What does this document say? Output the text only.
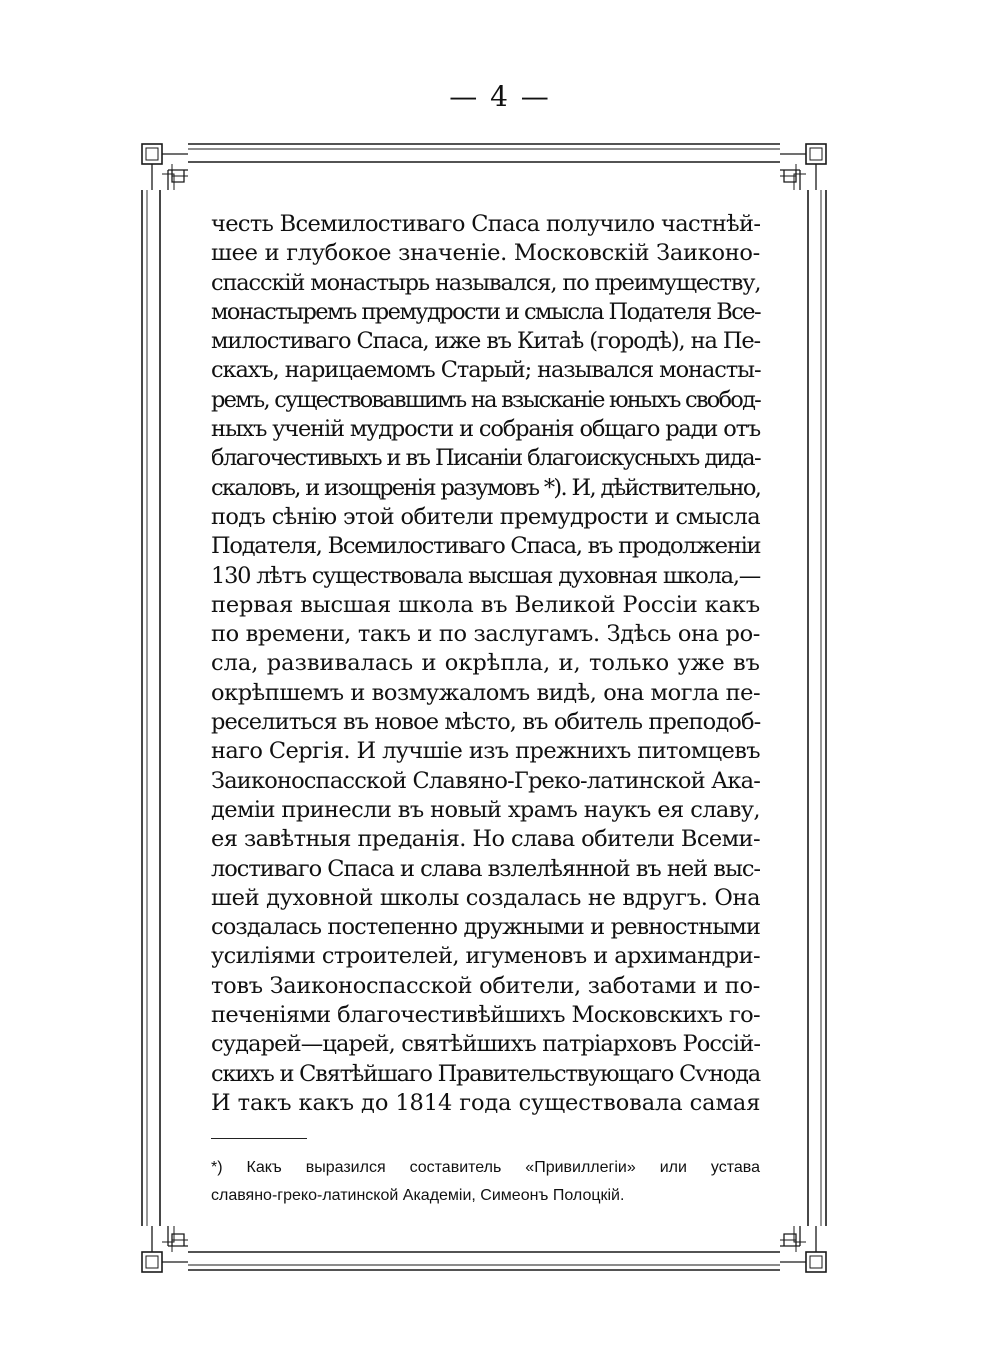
— 4 —
честь Всемилостиваго Спаса получило частнѣй-
шее и глубокое значеніе. Московскій Заиконо-
спасскій монастырь назывался, по преимуществу,
монастыремъ премудрости и смысла Подателя Все-
милостиваго Спаса, иже въ Китаѣ (городѣ), на Пе-
скахъ, нарицаемомъ Старый; назывался монасты-
ремъ, существовавшимъ на взысканіе юныхъ свобод-
ныхъ ученій мудрости и собранія общаго ради отъ
благочестивыхъ и въ Писаніи благоискусныхъ дида-
скаловъ, и изощренія разумовъ *). И, дѣйствительно,
подъ сѣнію этой обители премудрости и смысла
Подателя, Всемилостиваго Спаса, въ продолженіи
130 лѣтъ существовала высшая духовная школа,—
первая высшая школа въ Великой Россіи какъ
по времени, такъ и по заслугамъ. Здѣсь она ро-
сла, развивалась и окрѣпла, и, только уже въ
окрѣпшемъ и возмужаломъ видѣ, она могла пе-
реселиться въ новое мѣсто, въ обитель преподоб-
наго Сергія. И лучшіе изъ прежнихъ питомцевъ
Заиконоспасской Славяно-Греко-латинской Ака-
деміи принесли въ новый храмъ наукъ ея славу,
ея завѣтныя преданія. Но слава обители Всеми-
лостиваго Спаса и слава взлелѣянной въ ней выс-
шей духовной школы создалась не вдругъ. Она
создалась постепенно дружными и ревностными
усиліями строителей, игуменовъ и архимандри-
товъ Заиконоспасской обители, заботами и по-
печеніями благочестивѣйшихъ Московскихъ го-
сударей—царей, святѣйшихъ патріарховъ Россій-
скихъ и Святѣйшаго Правительствующаго Сѵнода
И такъ какъ до 1814 года существовала самая
*) Какъ выразился составитель «Привиллегіи» или устава
славяно-греко-латинской Академіи, Симеонъ Полоцкій.
